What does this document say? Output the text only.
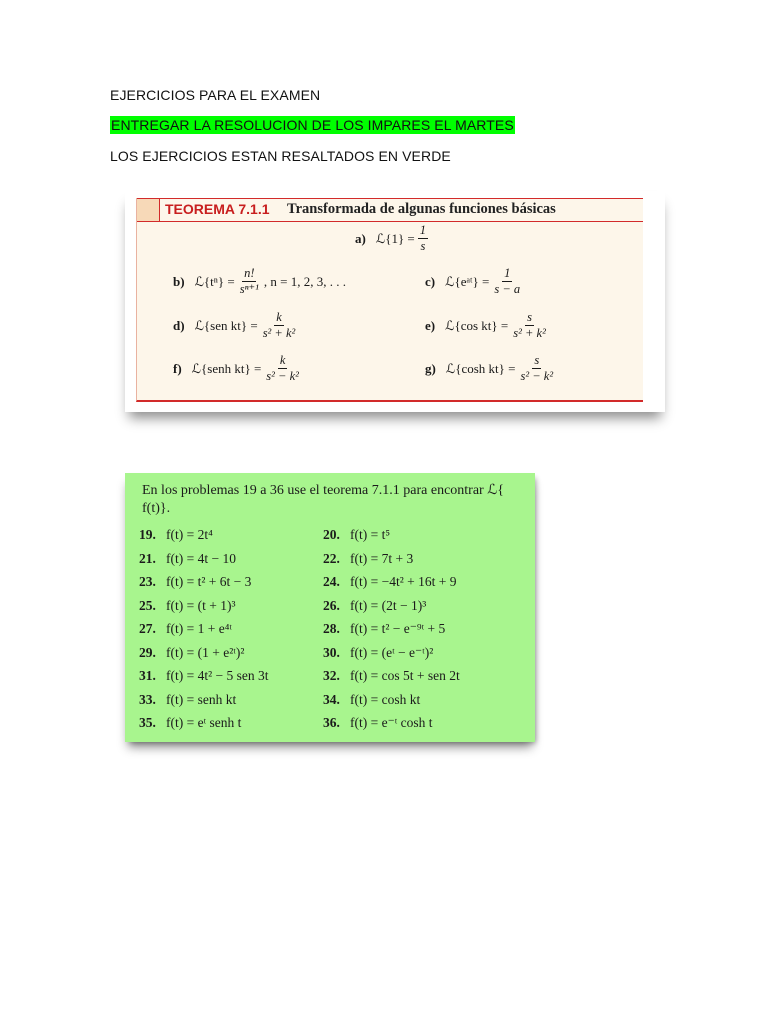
EJERCICIOS PARA EL EXAMEN
ENTREGAR LA RESOLUCION DE LOS IMPARES EL MARTES
LOS EJERCICIOS ESTAN RESALTADOS EN VERDE
TEOREMA 7.1.1 Transformada de algunas funciones básicas
a) ℒ{1} = $\frac{1}{s}$
b) ℒ{tⁿ} = $\frac{n!}{\text{sⁿ⁺¹}}$ , n = 1, 2, 3, . . .	c) ℒ{eᵃᵗ} = $\frac{1}{s - a}$
d) ℒ{sen $kt\} = \frac{k}{\text{s² + k²}}$	e) ℒ{cos $kt\} = \frac{s}{\text{s² + k²}}$
f) ℒ{senh $kt\} = \frac{k}{\text{s² − k²}}$	g) ℒ{cosh $kt\} = \frac{s}{\text{s² − k²}}$
En los problemas 19 a 36 use el teorema 7.1.1 para encontrar ℒ{ f(t)}.
19. f(t) = 2t⁴	20. f(t) = t⁵
21. f(t) = 4t − 10	22. f(t) = 7t + 3
23. f(t) = t² + 6t − 3	24. f(t) = −4t² + 16t + 9
25. f(t) = (t + 1)³	26. f(t) = (2t − 1)³
27. f(t) = 1 + e⁴ᵗ	28. f(t) = t² − e⁻⁹ᵗ + 5
29. f(t) = (1 + e²ᵗ)²	30. f(t) = (eᵗ − e⁻ᵗ)²
31. f(t) = 4t² − 5 sen 3t	32. f(t) = cos 5t + sen 2t
33. f(t) = senh kt	34. f(t) = cosh kt
35. f(t) = eᵗ senh t	36. f(t) = e⁻ᵗ cosh t
